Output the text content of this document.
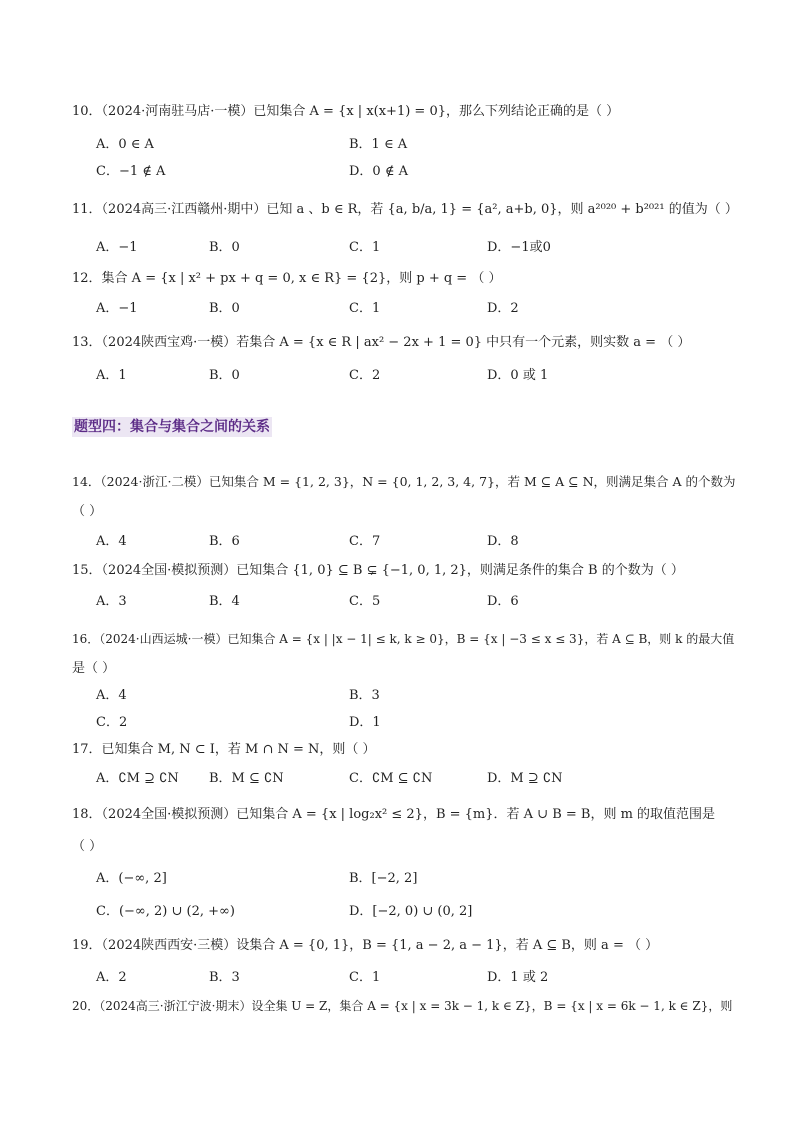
10．（2024·河南驻马店·一模）已知集合 A = {x | x(x+1) = 0}，那么下列结论正确的是（ ）
A．0 ∈ A	B．1 ∈ A
C．−1 ∉ A	D．0 ∉ A
11．（2024高三·江西赣州·期中）已知 a 、b ∈ R，若 {a, b/a, 1} = {a², a+b, 0}，则 a²⁰²⁰ + b²⁰²¹ 的值为（ ）
A．−1	B．0	C．1	D．−1或0
12．集合 A = {x | x² + px + q = 0, x ∈ R} = {2}，则 p + q = （ ）
A．−1	B．0	C．1	D．2
13．（2024陕西宝鸡·一模）若集合 A = {x ∈ R | ax² − 2x + 1 = 0} 中只有一个元素，则实数 a = （ ）
A．1	B．0	C．2	D．0 或 1
题型四：集合与集合之间的关系
14．（2024·浙江·二模）已知集合 M = {1, 2, 3}，N = {0, 1, 2, 3, 4, 7}，若 M ⊆ A ⊆ N，则满足集合 A 的个数为
（ ）
A．4	B．6	C．7	D．8
15．（2024全国·模拟预测）已知集合 {1, 0} ⊆ B ⊊ {−1, 0, 1, 2}，则满足条件的集合 B 的个数为（ ）
A．3	B．4	C．5	D．6
16．（2024·山西运城·一模）已知集合 A = {x | |x − 1| ≤ k, k ≥ 0}，B = {x | −3 ≤ x ≤ 3}，若 A ⊆ B，则 k 的最大值
是（ ）
A．4	B．3
C．2	D．1
17．已知集合 M, N ⊂ I，若 M ∩ N = N，则（ ）
A．∁M ⊇ ∁N B．M ⊆ ∁N	C．∁M ⊆ ∁N	D．M ⊇ ∁N
18．（2024全国·模拟预测）已知集合 A = {x | log₂x² ≤ 2}，B = {m}．若 A ∪ B = B，则 m 的取值范围是
（ ）
A．(−∞, 2]	B．[−2, 2]
C．(−∞, 2) ∪ (2, +∞)	D．[−2, 0) ∪ (0, 2]
19．（2024陕西西安·三模）设集合 A = {0, 1}，B = {1, a − 2, a − 1}，若 A ⊆ B，则 a = （ ）
A．2	B．3	C．1	D．1 或 2
20．（2024高三·浙江宁波·期末）设全集 U = Z，集合 A = {x | x = 3k − 1, k ∈ Z}，B = {x | x = 6k − 1, k ∈ Z}，则
